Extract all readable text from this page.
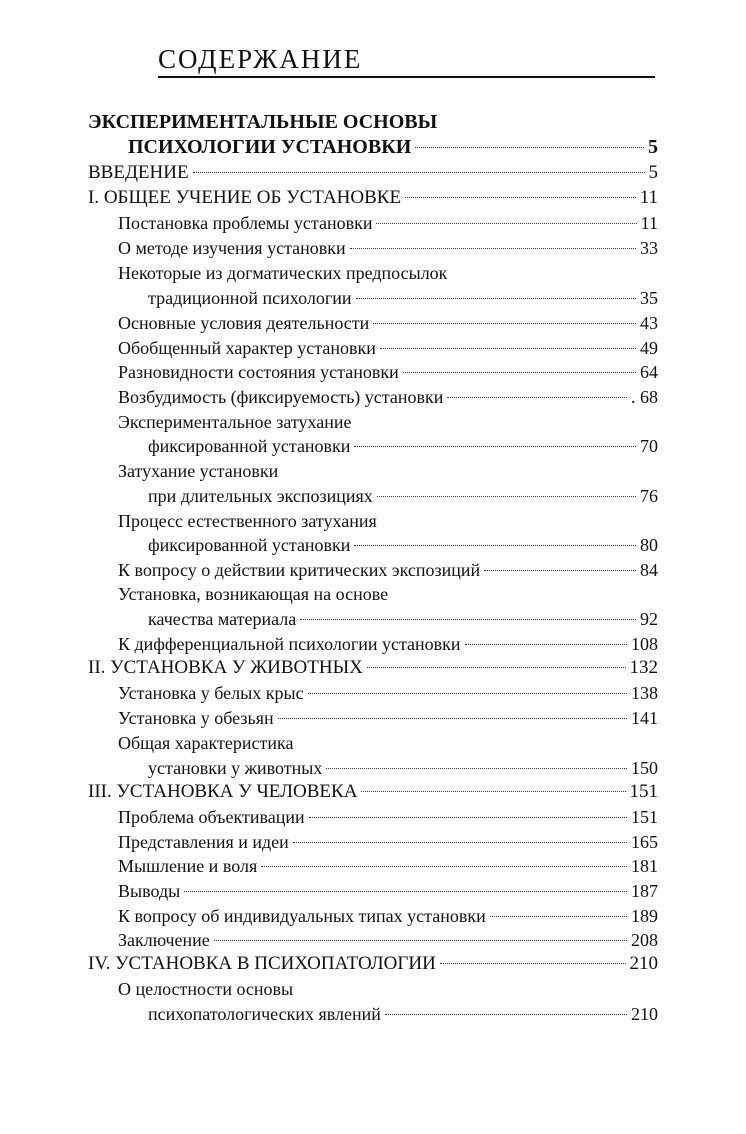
СОДЕРЖАНИЕ
ЭКСПЕРИМЕНТАЛЬНЫЕ ОСНОВЫ
ПСИХОЛОГИИ УСТАНОВКИ	5
ВВЕДЕНИЕ	5
I. ОБЩЕЕ УЧЕНИЕ ОБ УСТАНОВКЕ	11
Постановка проблемы установки	11
О методе изучения установки	33
Некоторые из догматических предпосылок
традиционной психологии	35
Основные условия деятельности	43
Обобщенный характер установки	49
Разновидности состояния установки	64
Возбудимость (фиксируемость) установки	. 68
Экспериментальное затухание
фиксированной установки	70
Затухание установки
при длительных экспозициях	76
Процесс естественного затухания
фиксированной установки	80
К вопросу о действии критических экспозиций	84
Установка, возникающая на основе
качества материала	92
К дифференциальной психологии установки	108
II. УСТАНОВКА У ЖИВОТНЫХ	132
Установка у белых крыс	138
Установка у обезьян	141
Общая характеристика
установки у животных	150
III. УСТАНОВКА У ЧЕЛОВЕКА	151
Проблема объективации	151
Представления и идеи	165
Мышление и воля	181
Выводы	187
К вопросу об индивидуальных типах установки	189
Заключение	208
IV. УСТАНОВКА В ПСИХОПАТОЛОГИИ	210
О целостности основы
психопатологических явлений	210
